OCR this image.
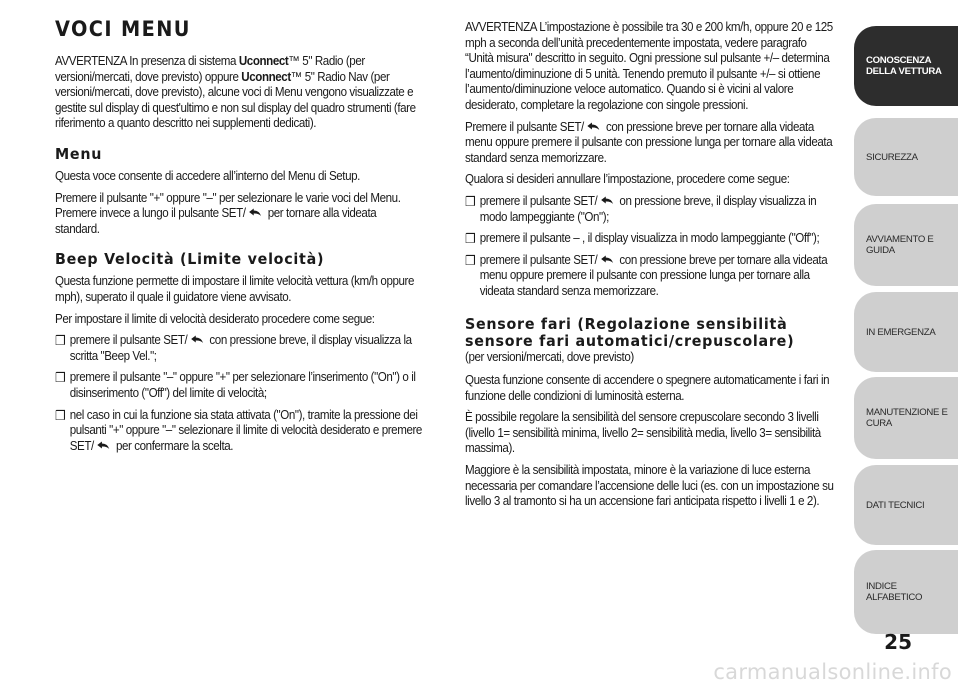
VOCI MENU

AVVERTENZA In presenza di sistema Uconnect™ 5" Radio (per versioni/mercati, dove previsto) oppure Uconnect™ 5" Radio Nav (per versioni/mercati, dove previsto), alcune voci di Menu vengono visualizzate e gestite sul display di quest'ultimo e non sul display del quadro strumenti (fare riferimento a quanto descritto nei supplementi dedicati).

Menu

Questa voce consente di accedere all’interno del Menu di Setup.

Premere il pulsante "+" oppure "–" per selezionare le varie voci del Menu. Premere invece a lungo il pulsante SET/
per tornare alla videata standard.

Beep Velocità (Limite velocità)

Questa funzione permette di impostare il limite velocità vettura (km/h oppure mph), superato il quale il guidatore viene avvisato.

Per impostare il limite di velocità desiderato procedere come segue:

❒ premere il pulsante SET/
con pressione breve, il display visualizza la scritta "Beep Vel.";
❒ premere il pulsante "–" oppure "+" per selezionare l’inserimento ("On") o il disinserimento ("Off") del limite di velocità;
❒ nel caso in cui la funzione sia stata attivata ("On"), tramite la pressione dei pulsanti "+" oppure "–" selezionare il limite di velocità desiderato e premere SET/
per confermare la scelta.

AVVERTENZA L’impostazione è possibile tra 30 e 200 km/h, oppure 20 e 125 mph a seconda dell’unità precedentemente impostata, vedere paragrafo “Unità misura" descritto in seguito. Ogni pressione sul pulsante +/– determina l’aumento/diminuzione di 5 unità. Tenendo premuto il pulsante +/– si ottiene l’aumento/diminuzione veloce automatico. Quando si è vicini al valore desiderato, completare la regolazione con singole pressioni.

Premere il pulsante SET/
con pressione breve per tornare alla videata menu oppure premere il pulsante con pressione lunga per tornare alla videata standard senza memorizzare.

Qualora si desideri annullare l’impostazione, procedere come segue:

❒ premere il pulsante SET/
on pressione breve, il display visualizza in modo lampeggiante ("On");
❒ premere il pulsante – , il display visualizza in modo lampeggiante ("Off");
❒ premere il pulsante SET/
con pressione breve per tornare alla videata menu oppure premere il pulsante con pressione lunga per tornare alla videata standard senza memorizzare.
Sensore fari (Regolazione sensibilità sensore fari automatici/crepuscolare)

(per versioni/mercati, dove previsto)

Questa funzione consente di accendere o spegnere automaticamente i fari in funzione delle condizioni di luminosità esterna.

È possibile regolare la sensibilità del sensore crepuscolare secondo 3 livelli (livello 1= sensibilità minima, livello 2= sensibilità media, livello 3= sensibilità massima).

Maggiore è la sensibilità impostata, minore è la variazione di luce esterna necessaria per comandare l’accensione delle luci (es. con un impostazione su livello 3 al tramonto si ha un accensione fari anticipata rispetto i livelli 1 e 2).

CONOSCENZA DELLA VETTURA
SICUREZZA
AVVIAMENTO E GUIDA
IN EMERGENZA
MANUTENZIONE E CURA
DATI TECNICI
INDICE ALFABETICO
25
carmanualsonline.info
